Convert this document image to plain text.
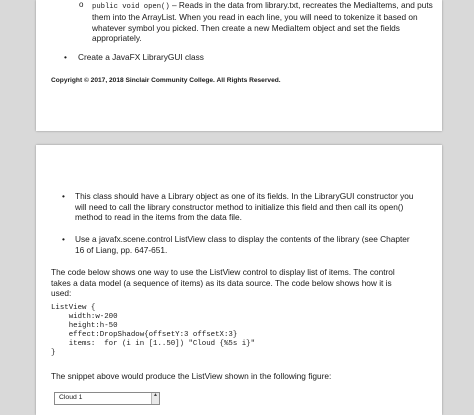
o public void open() – Reads in the data from library.txt, recreates the MediaItems, and puts them into the ArrayList. When you read in each line, you will need to tokenize it based on whatever symbol you picked. Then create a new MediaItem object and set the fields appropriately.
• Create a JavaFX LibraryGUI class
Copyright © 2017, 2018 Sinclair Community College. All Rights Reserved.
• This class should have a Library object as one of its fields. In the LibraryGUI constructor you will need to call the library constructor method to initialize this field and then call its open() method to read in the items from the data file.
• Use a javafx.scene.control ListView class to display the contents of the library (see Chapter 16 of Liang, pp. 647-651.
The code below shows one way to use the ListView control to display list of items. The control takes a data model (a sequence of items) as its data source. The code below shows how it is used:
ListView {
width:w-200
height:h-50
effect:DropShadow{offsetY:3 offsetX:3}
items:  for (i in [1..50]) "Cloud {%5s i}"
}
The snippet above would produce the ListView shown in the following figure:
Cloud 1	▲
